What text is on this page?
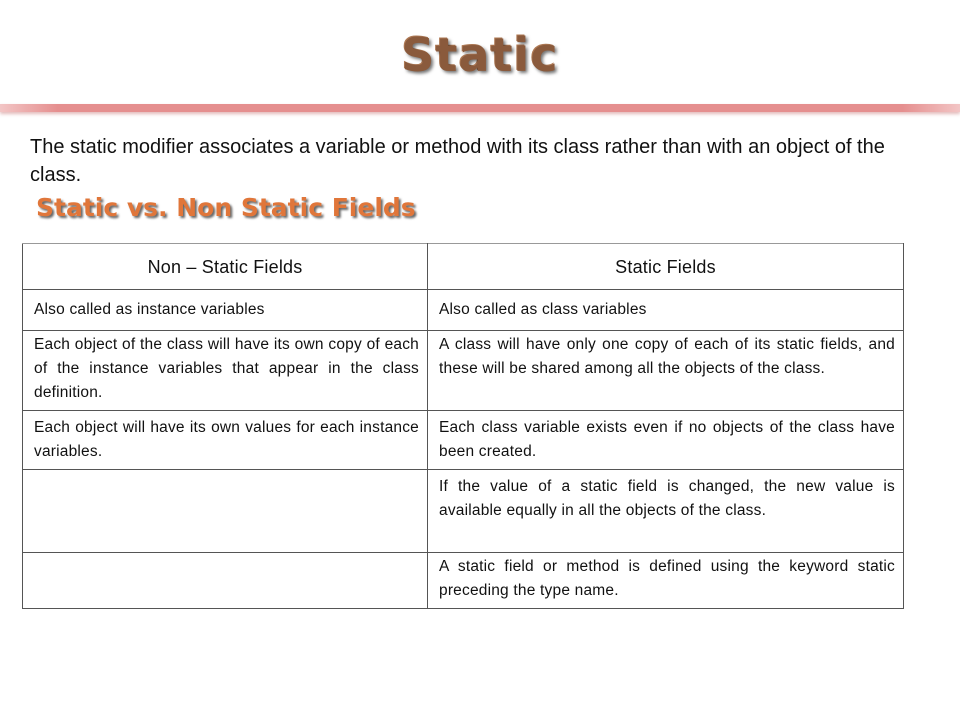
Static
The static modifier associates a variable or method with its class rather than with an object of the class.
Static vs. Non Static Fields
Non – Static Fields	Static Fields
Also called as instance variables	Also called as class variables
Each object of the class will have its own copy of each of the instance variables that appear in the class definition.	A class will have only one copy of each of its static fields, and these will be shared among all the objects of the class.
Each object will have its own values for each instance variables.	Each class variable exists even if no objects of the class have been created.
	If the value of a static field is changed, the new value is available equally in all the objects of the class.
	A static field or method is defined using the keyword static preceding the type name.
